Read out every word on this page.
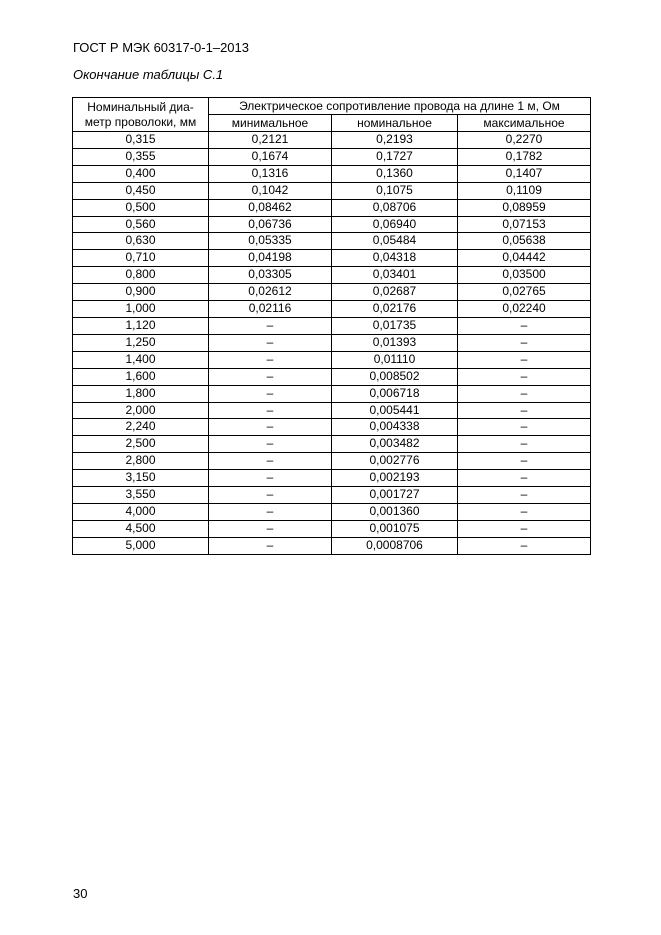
ГОСТ Р МЭК 60317-0-1–2013
Окончание таблицы С.1
Номинальный диа-
метр проволоки, мм	Электрическое сопротивление провода на длине 1 м, Ом		
	минимальное	номинальное	максимальное
0,315	0,2121	0,2193	0,2270
0,355	0,1674	0,1727	0,1782
0,400	0,1316	0,1360	0,1407
0,450	0,1042	0,1075	0,1109
0,500	0,08462	0,08706	0,08959
0,560	0,06736	0,06940	0,07153
0,630	0,05335	0,05484	0,05638
0,710	0,04198	0,04318	0,04442
0,800	0,03305	0,03401	0,03500
0,900	0,02612	0,02687	0,02765
1,000	0,02116	0,02176	0,02240
1,120	–	0,01735	–
1,250	–	0,01393	–
1,400	–	0,01110	–
1,600	–	0,008502	–
1,800	–	0,006718	–
2,000	–	0,005441	–
2,240	–	0,004338	–
2,500	–	0,003482	–
2,800	–	0,002776	–
3,150	–	0,002193	–
3,550	–	0,001727	–
4,000	–	0,001360	–
4,500	–	0,001075	–
5,000	–	0,0008706	–
30
